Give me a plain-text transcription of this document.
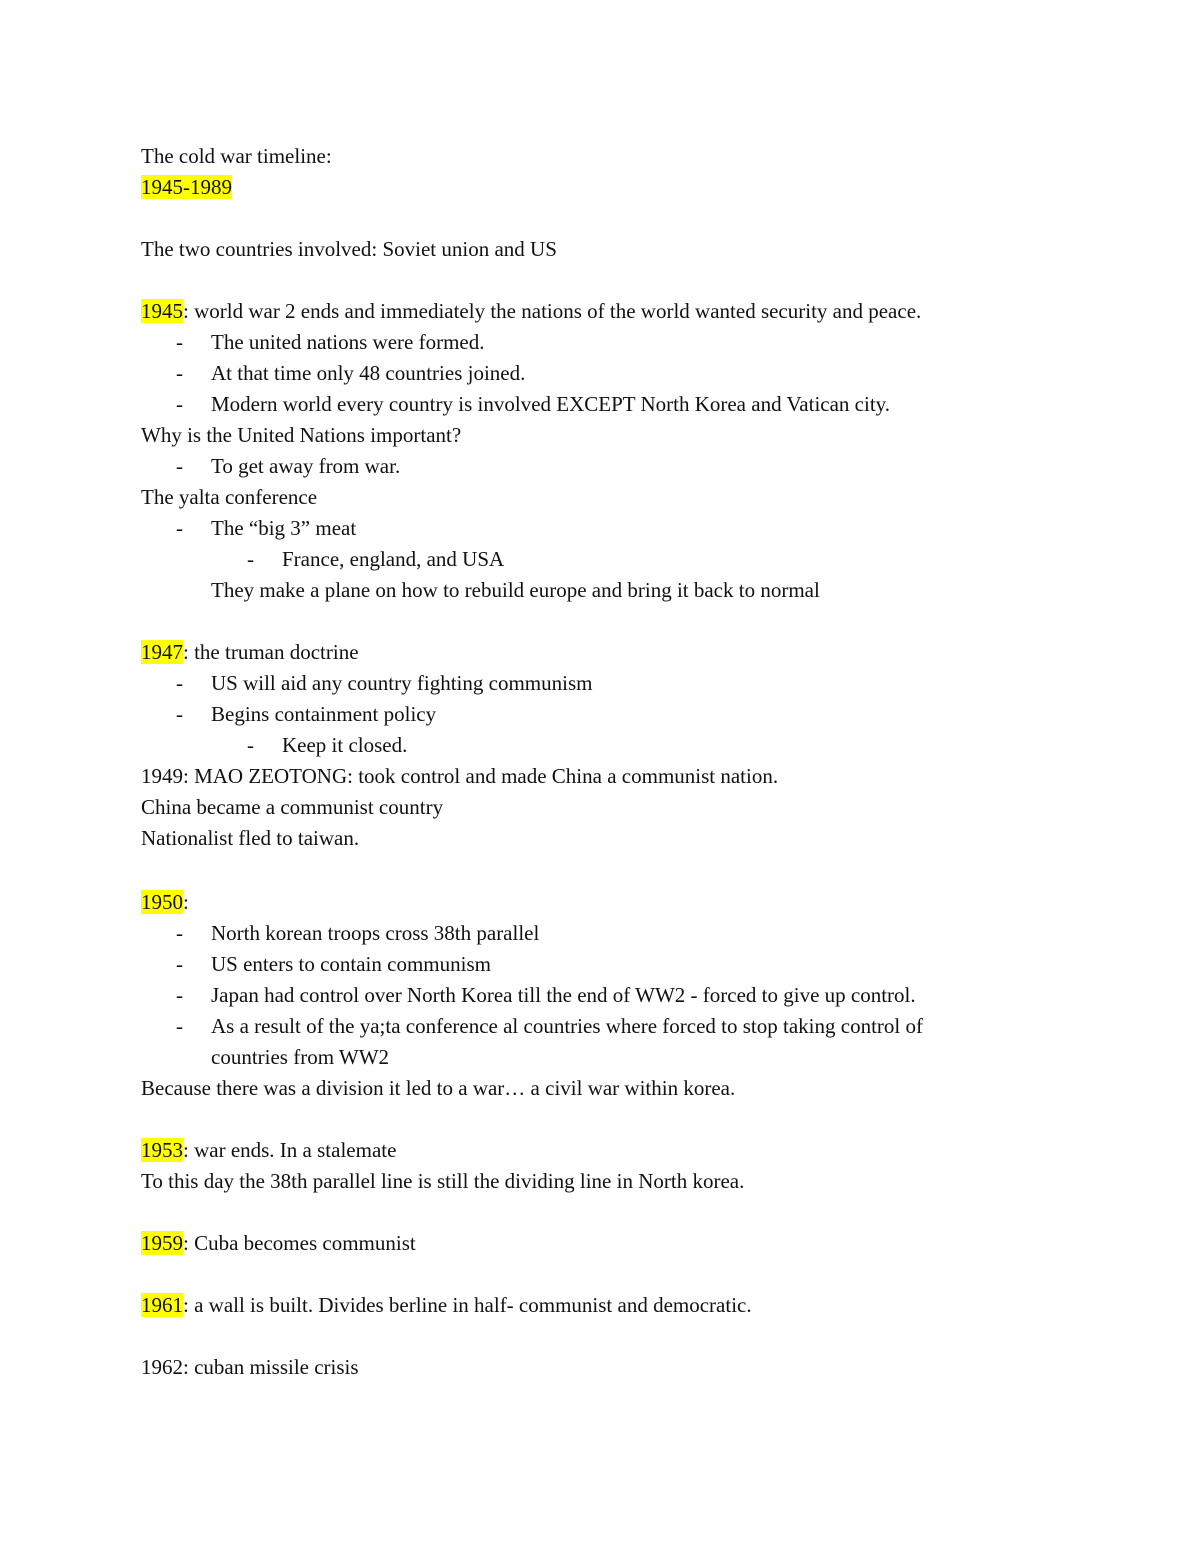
The cold war timeline:
1945-1989
The two countries involved: Soviet union and US
1945: world war 2 ends and immediately the nations of the world wanted security and peace.
- The united nations were formed.
- At that time only 48 countries joined.
- Modern world every country is involved EXCEPT North Korea and Vatican city.
Why is the United Nations important?
- To get away from war.
The yalta conference
- The “big 3” meat
- France, england, and USA
They make a plane on how to rebuild europe and bring it back to normal
1947: the truman doctrine
- US will aid any country fighting communism
- Begins containment policy
- Keep it closed.
1949: MAO ZEOTONG: took control and made China a communist nation.
China became a communist country
Nationalist fled to taiwan.
1950:
- North korean troops cross 38th parallel
- US enters to contain communism
- Japan had control over North Korea till the end of WW2 - forced to give up control.
- As a result of the ya;ta conference al countries where forced to stop taking control of
countries from WW2
Because there was a division it led to a war… a civil war within korea.
1953: war ends. In a stalemate
To this day the 38th parallel line is still the dividing line in North korea.
1959: Cuba becomes communist
1961: a wall is built. Divides berline in half- communist and democratic.
1962: cuban missile crisis
